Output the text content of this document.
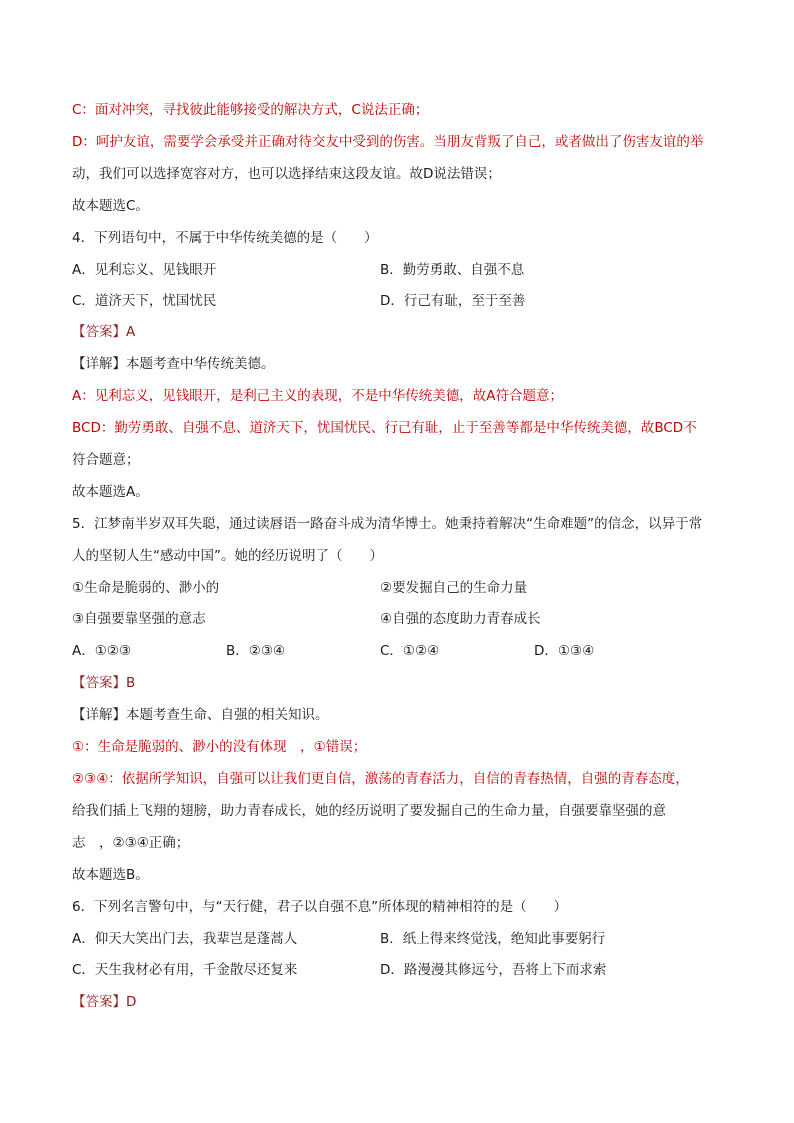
C：面对冲突，寻找彼此能够接受的解决方式，C说法正确；
D：呵护友谊，需要学会承受并正确对待交友中受到的伤害。当朋友背叛了自己，或者做出了伤害友谊的举
动，我们可以选择宽容对方，也可以选择结束这段友谊。故D说法错误；
故本题选C。
4．下列语句中，不属于中华传统美德的是（　　）
A．见利忘义、见钱眼开	B．勤劳勇敢、自强不息
C．道济天下，忧国忧民	D．行己有耻，至于至善
【答案】A
【详解】本题考查中华传统美德。
A：见利忘义，见钱眼开，是利己主义的表现，不是中华传统美德，故A符合题意；
BCD：勤劳勇敢、自强不息、道济天下，忧国忧民、行己有耻，止于至善等都是中华传统美德，故BCD不
符合题意；
故本题选A。
5．江梦南半岁双耳失聪，通过读唇语一路奋斗成为清华博士。她秉持着解决“生命难题”的信念，以异于常
人的坚韧人生“感动中国”。她的经历说明了（　　）
①生命是脆弱的、渺小的	②要发掘自己的生命力量
③自强要靠坚强的意志	④自强的态度助力青春成长
A．①②③	B．②③④	C．①②④	D．①③④
【答案】B
【详解】本题考查生命、自强的相关知识。
①：生命是脆弱的、渺小的没有体现　，①错误；
②③④：依据所学知识，自强可以让我们更自信，激荡的青春活力，自信的青春热情，自强的青春态度，
给我们插上飞翔的翅膀，助力青春成长，她的经历说明了要发掘自己的生命力量，自强要靠坚强的意
志　，②③④正确；
故本题选B。
6．下列名言警句中，与“天行健，君子以自强不息”所体现的精神相符的是（　　）
A．仰天大笑出门去，我辈岂是蓬蒿人	B．纸上得来终觉浅，绝知此事要躬行
C．天生我材必有用，千金散尽还复来	D．路漫漫其修远兮，吾将上下而求索
【答案】D
